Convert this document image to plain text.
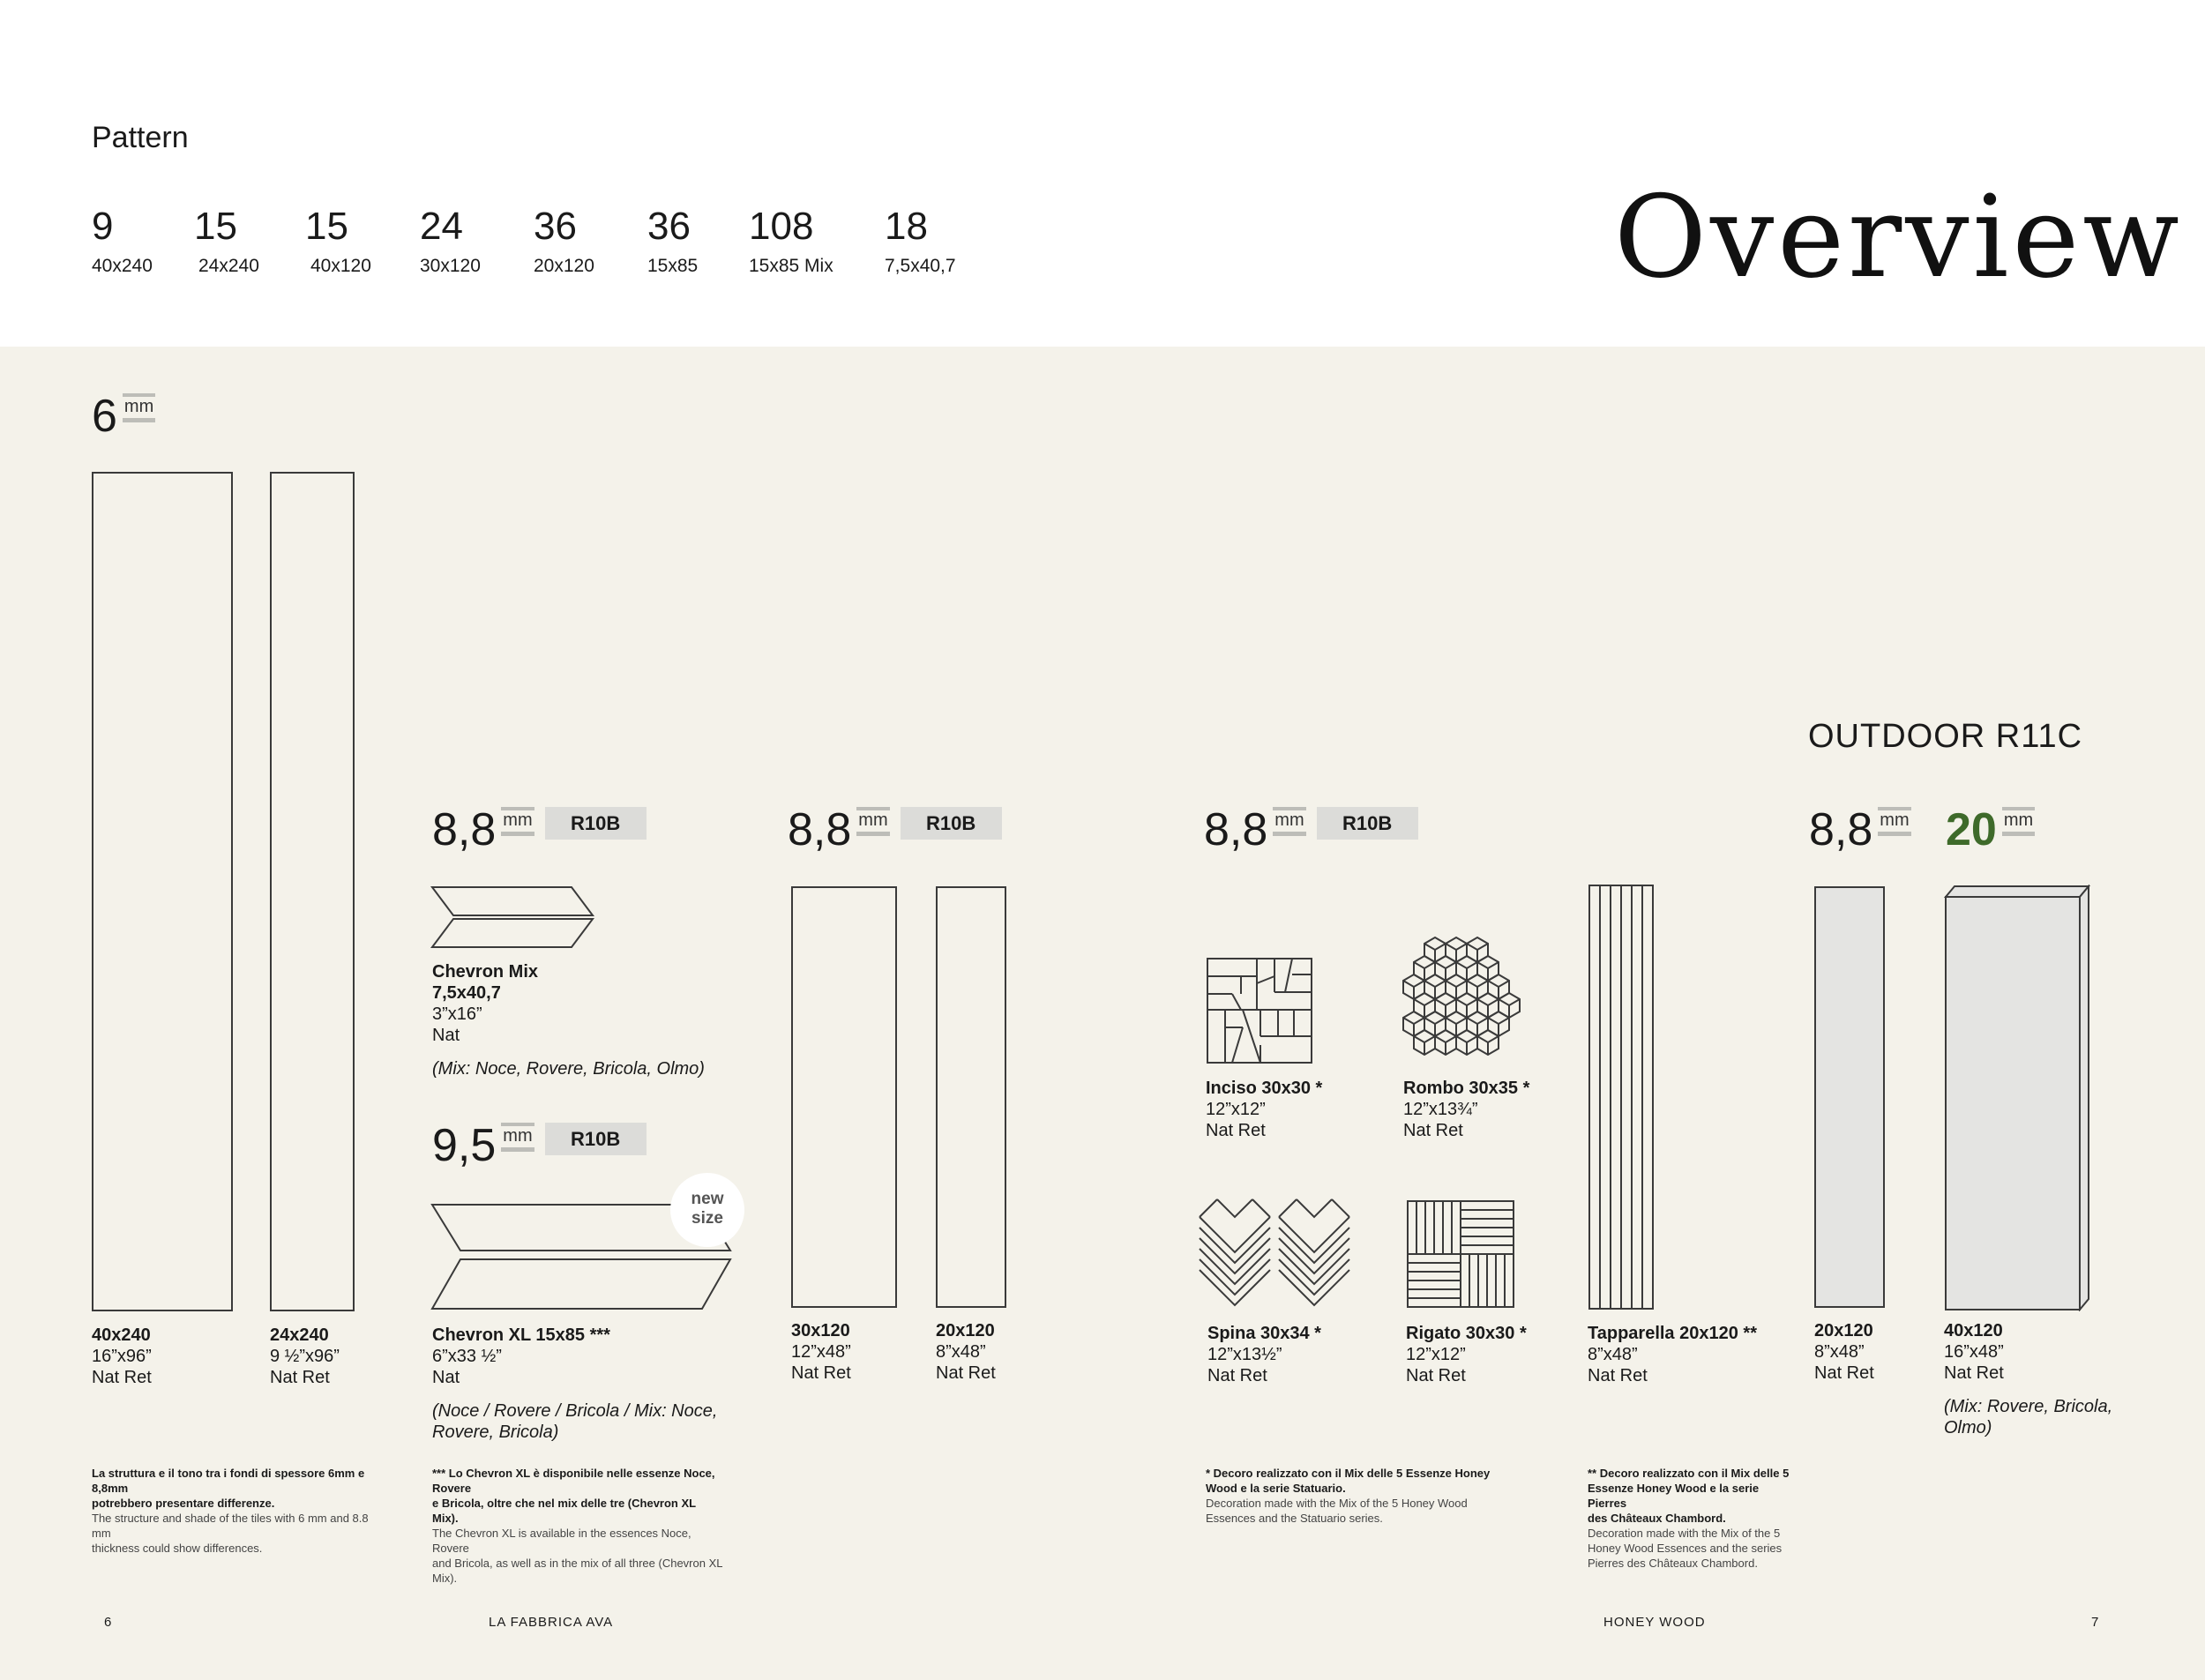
Pattern
9
40x240
15
24x240
15
40x120
24
30x120
36
20x120
36
15x85
108
15x85 Mix
18
7,5x40,7	Overview
6 mm
40x240
16”x96”
Nat Ret
24x240
9 ½”x96”
Nat Ret
La struttura e il tono tra i fondi di spessore 6mm e 8,8mm
potrebbero presentare differenze.
The structure and shade of the tiles with 6 mm and 8.8 mm
thickness could show differences.
8,8 mm	R10B
Chevron Mix
7,5x40,7
3”x16”
Nat
(Mix: Noce, Rovere, Bricola, Olmo)
9,5 mm	R10B
new
size
Chevron XL 15x85 ***
6”x33 ½”
Nat
(Noce / Rovere / Bricola / Mix: Noce,
Rovere, Bricola)
*** Lo Chevron XL è disponibile nelle essenze Noce, Rovere
e Bricola, oltre che nel mix delle tre (Chevron XL Mix).
The Chevron XL is available in the essences Noce, Rovere
and Bricola, as well as in the mix of all three (Chevron XL Mix).
8,8 mm	R10B
30x120
12”x48”
Nat Ret
20x120
8”x48”
Nat Ret
8,8 mm	R10B
Inciso 30x30 *
12”x12”
Nat Ret
Rombo 30x35 *
12”x13¾”
Nat Ret
Spina 30x34 *
12”x13½”
Nat Ret
Rigato 30x30 *
12”x12”
Nat Ret
Tapparella 20x120 **
8”x48”
Nat Ret
* Decoro realizzato con il Mix delle 5 Essenze Honey
Wood e la serie Statuario.
Decoration made with the Mix of the 5 Honey Wood
Essences and the Statuario series.
** Decoro realizzato con il Mix delle 5
Essenze Honey Wood e la serie Pierres
des Châteaux Chambord.
Decoration made with the Mix of the 5
Honey Wood Essences and the series
Pierres des Châteaux Chambord.
OUTDOOR R11C
8,8 mm 20 mm
20x120
8”x48”
Nat Ret
40x120
16”x48”
Nat Ret
(Mix: Rovere, Bricola,
Olmo)
6	LA FABBRICA AVA	HONEY WOOD	7
